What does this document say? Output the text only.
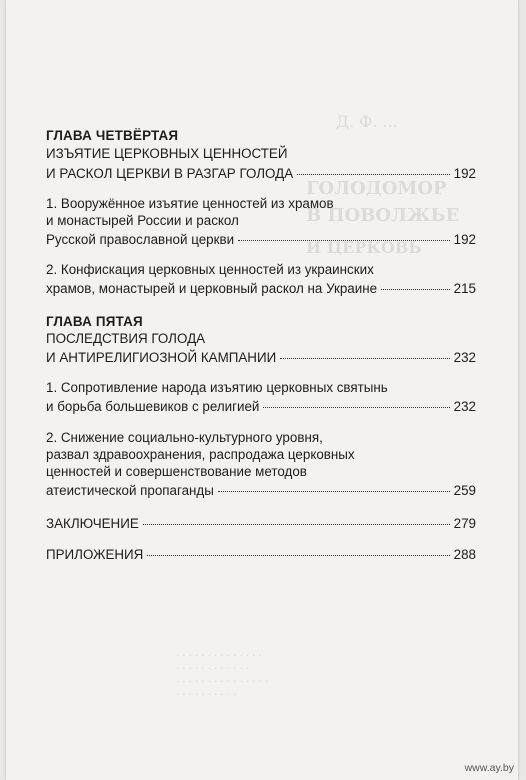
Д. Ф. ...
ГОЛОДОМОР
В ПОВОЛЖЬЕ
И ЦЕРКОВЬ
· · · · · · · · · · · · · ·
· · · · · · · · · · · ·
· · · · · · · · · · · · · · ·
· · · · · · · · · ·
ГЛАВА ЧЕТВЁРТАЯ
ИЗЪЯТИЕ ЦЕРКОВНЫХ ЦЕННОСТЕЙ
И РАСКОЛ ЦЕРКВИ В РАЗГАР ГОЛОДА	192
1. Вооружённое изъятие ценностей из храмов
и монастырей России и раскол
Русской православной церкви	192
2. Конфискация церковных ценностей из украинских
храмов, монастырей и церковный раскол на Украине	215
ГЛАВА ПЯТАЯ
ПОСЛЕДСТВИЯ ГОЛОДА
И АНТИРЕЛИГИОЗНОЙ КАМПАНИИ	232
1. Сопротивление народа изъятию церковных святынь
и борьба большевиков с религией	232
2. Снижение социально-культурного уровня,
развал здравоохранения, распродажа церковных
ценностей и совершенствование методов
атеистической пропаганды	259
ЗАКЛЮЧЕНИЕ	279
ПРИЛОЖЕНИЯ	288
www.ay.by
